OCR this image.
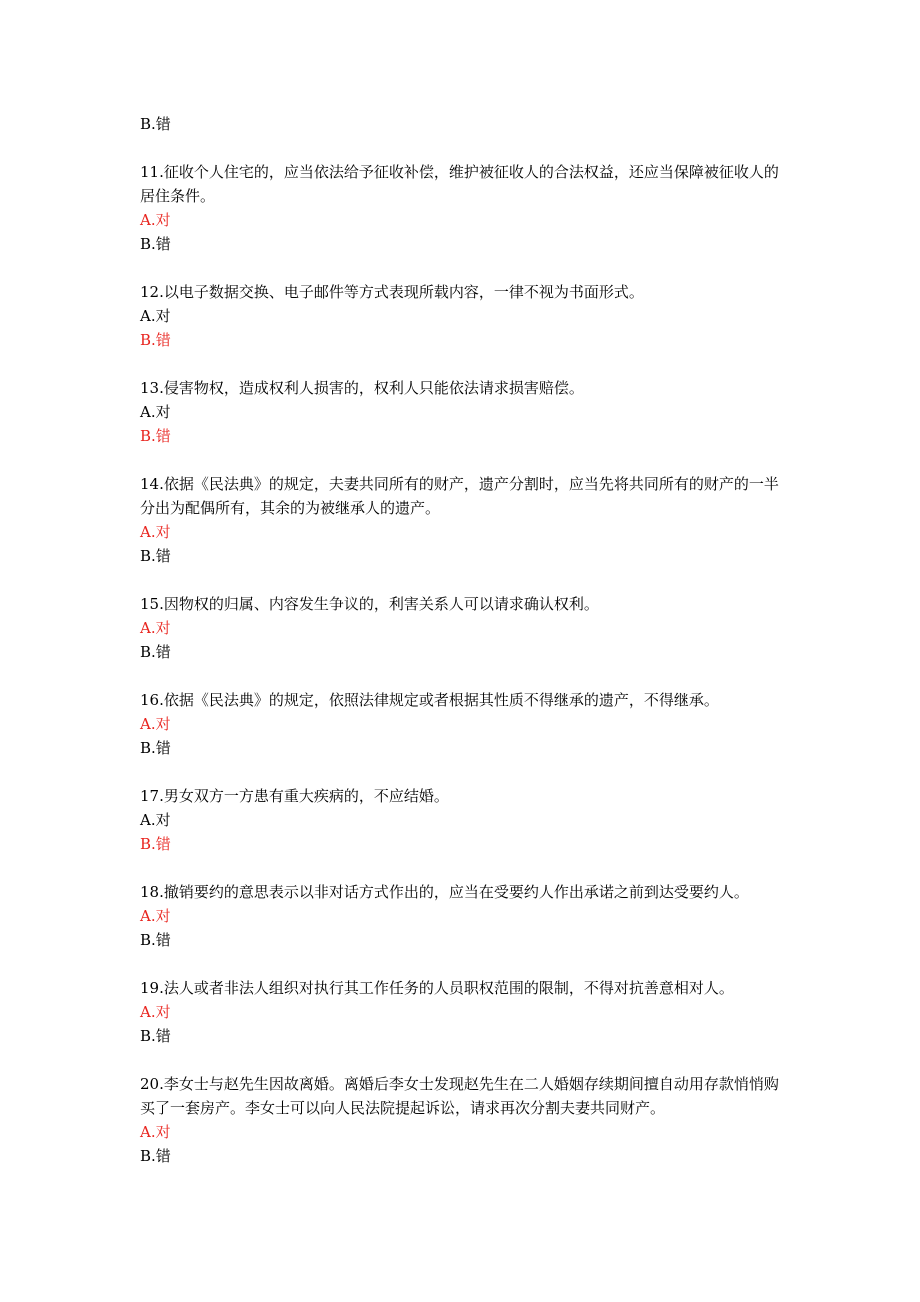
B.错
11.征收个人住宅的，应当依法给予征收补偿，维护被征收人的合法权益，还应当保障被征收人的居住条件。
A.对
B.错
12.以电子数据交换、电子邮件等方式表现所载内容，一律不视为书面形式。
A.对
B.错
13.侵害物权，造成权利人损害的，权利人只能依法请求损害赔偿。
A.对
B.错
14.依据《民法典》的规定，夫妻共同所有的财产，遗产分割时，应当先将共同所有的财产的一半分出为配偶所有，其余的为被继承人的遗产。
A.对
B.错
15.因物权的归属、内容发生争议的，利害关系人可以请求确认权利。
A.对
B.错
16.依据《民法典》的规定，依照法律规定或者根据其性质不得继承的遗产，不得继承。
A.对
B.错
17.男女双方一方患有重大疾病的，不应结婚。
A.对
B.错
18.撤销要约的意思表示以非对话方式作出的，应当在受要约人作出承诺之前到达受要约人。
A.对
B.错
19.法人或者非法人组织对执行其工作任务的人员职权范围的限制，不得对抗善意相对人。
A.对
B.错
20.李女士与赵先生因故离婚。离婚后李女士发现赵先生在二人婚姻存续期间擅自动用存款悄悄购买了一套房产。李女士可以向人民法院提起诉讼，请求再次分割夫妻共同财产。
A.对
B.错
